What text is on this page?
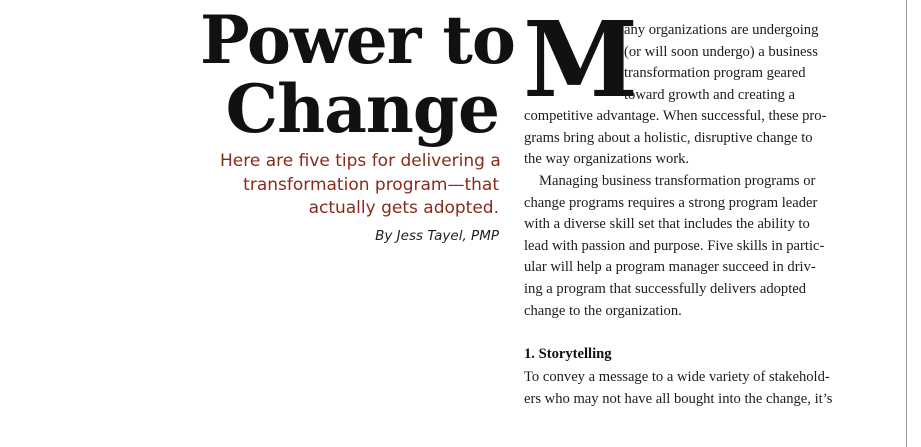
Power to
Change
Here are five tips for delivering a
transformation program—that
actually gets adopted.
By Jess Tayel, PMP
M
any organizations are undergoing
(or will soon undergo) a business
transformation program geared
toward growth and creating a
competitive advantage. When successful, these pro-
grams bring about a holistic, disruptive change to
the way organizations work.
Managing business transformation programs or
change programs requires a strong program leader
with a diverse skill set that includes the ability to
lead with passion and purpose. Five skills in partic-
ular will help a program manager succeed in driv-
ing a program that successfully delivers adopted
change to the organization.
1. Storytelling
To convey a message to a wide variety of stakehold-
ers who may not have all bought into the change, it’s
